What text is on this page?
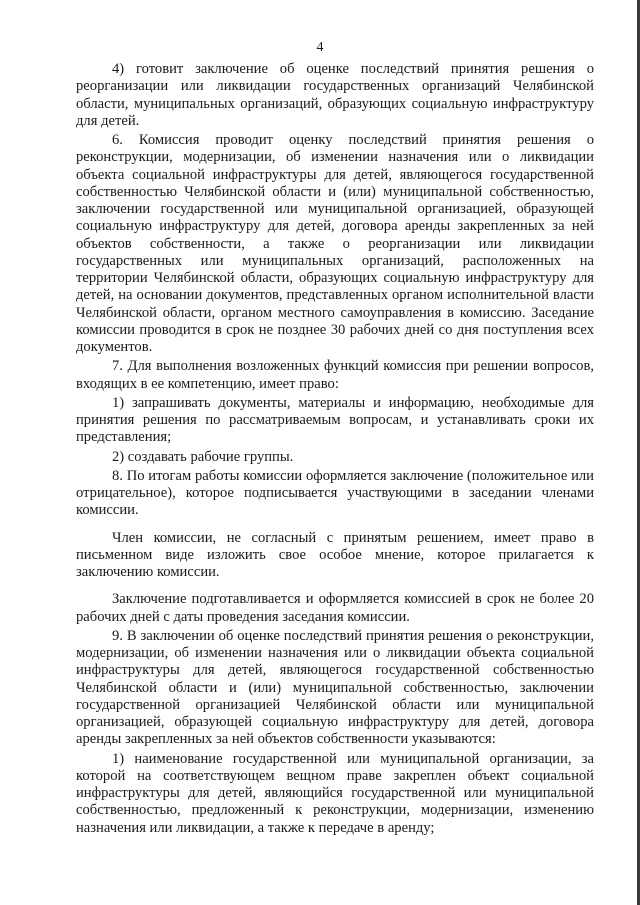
4

4) готовит заключение об оценке последствий принятия решения о реорганизации или ликвидации государственных организаций Челябинской области, муниципальных организаций, образующих социальную инфраструктуру для детей.

6. Комиссия проводит оценку последствий принятия решения о реконструкции, модернизации, об изменении назначения или о ликвидации объекта социальной инфраструктуры для детей, являющегося государственной собственностью Челябинской области и (или) муниципальной собственностью, заключении государственной или муниципальной организацией, образующей социальную инфраструктуру для детей, договора аренды закрепленных за ней объектов собственности, а также о реорганизации или ликвидации государственных или муниципальных организаций, расположенных на территории Челябинской области, образующих социальную инфраструктуру для детей, на основании документов, представленных органом исполнительной власти Челябинской области, органом местного самоуправления в комиссию. Заседание комиссии проводится в срок не позднее 30 рабочих дней со дня поступления всех документов.

7. Для выполнения возложенных функций комиссия при решении вопросов, входящих в ее компетенцию, имеет право:

1) запрашивать документы, материалы и информацию, необходимые для принятия решения по рассматриваемым вопросам, и устанавливать сроки их представления;

2) создавать рабочие группы.

8. По итогам работы комиссии оформляется заключение (положительное или отрицательное), которое подписывается участвующими в заседании членами комиссии.

Член комиссии, не согласный с принятым решением, имеет право в письменном виде изложить свое особое мнение, которое прилагается к заключению комиссии.

Заключение подготавливается и оформляется комиссией в срок не более 20 рабочих дней с даты проведения заседания комиссии.

9. В заключении об оценке последствий принятия решения о реконструкции, модернизации, об изменении назначения или о ликвидации объекта социальной инфраструктуры для детей, являющегося государственной собственностью Челябинской области и (или) муниципальной собственностью, заключении государственной организацией Челябинской области или муниципальной организацией, образующей социальную инфраструктуру для детей, договора аренды закрепленных за ней объектов собственности указываются:

1) наименование государственной или муниципальной организации, за которой на соответствующем вещном праве закреплен объект социальной инфраструктуры для детей, являющийся государственной или муниципальной собственностью, предложенный к реконструкции, модернизации, изменению назначения или ликвидации, а также к передаче в аренду;
